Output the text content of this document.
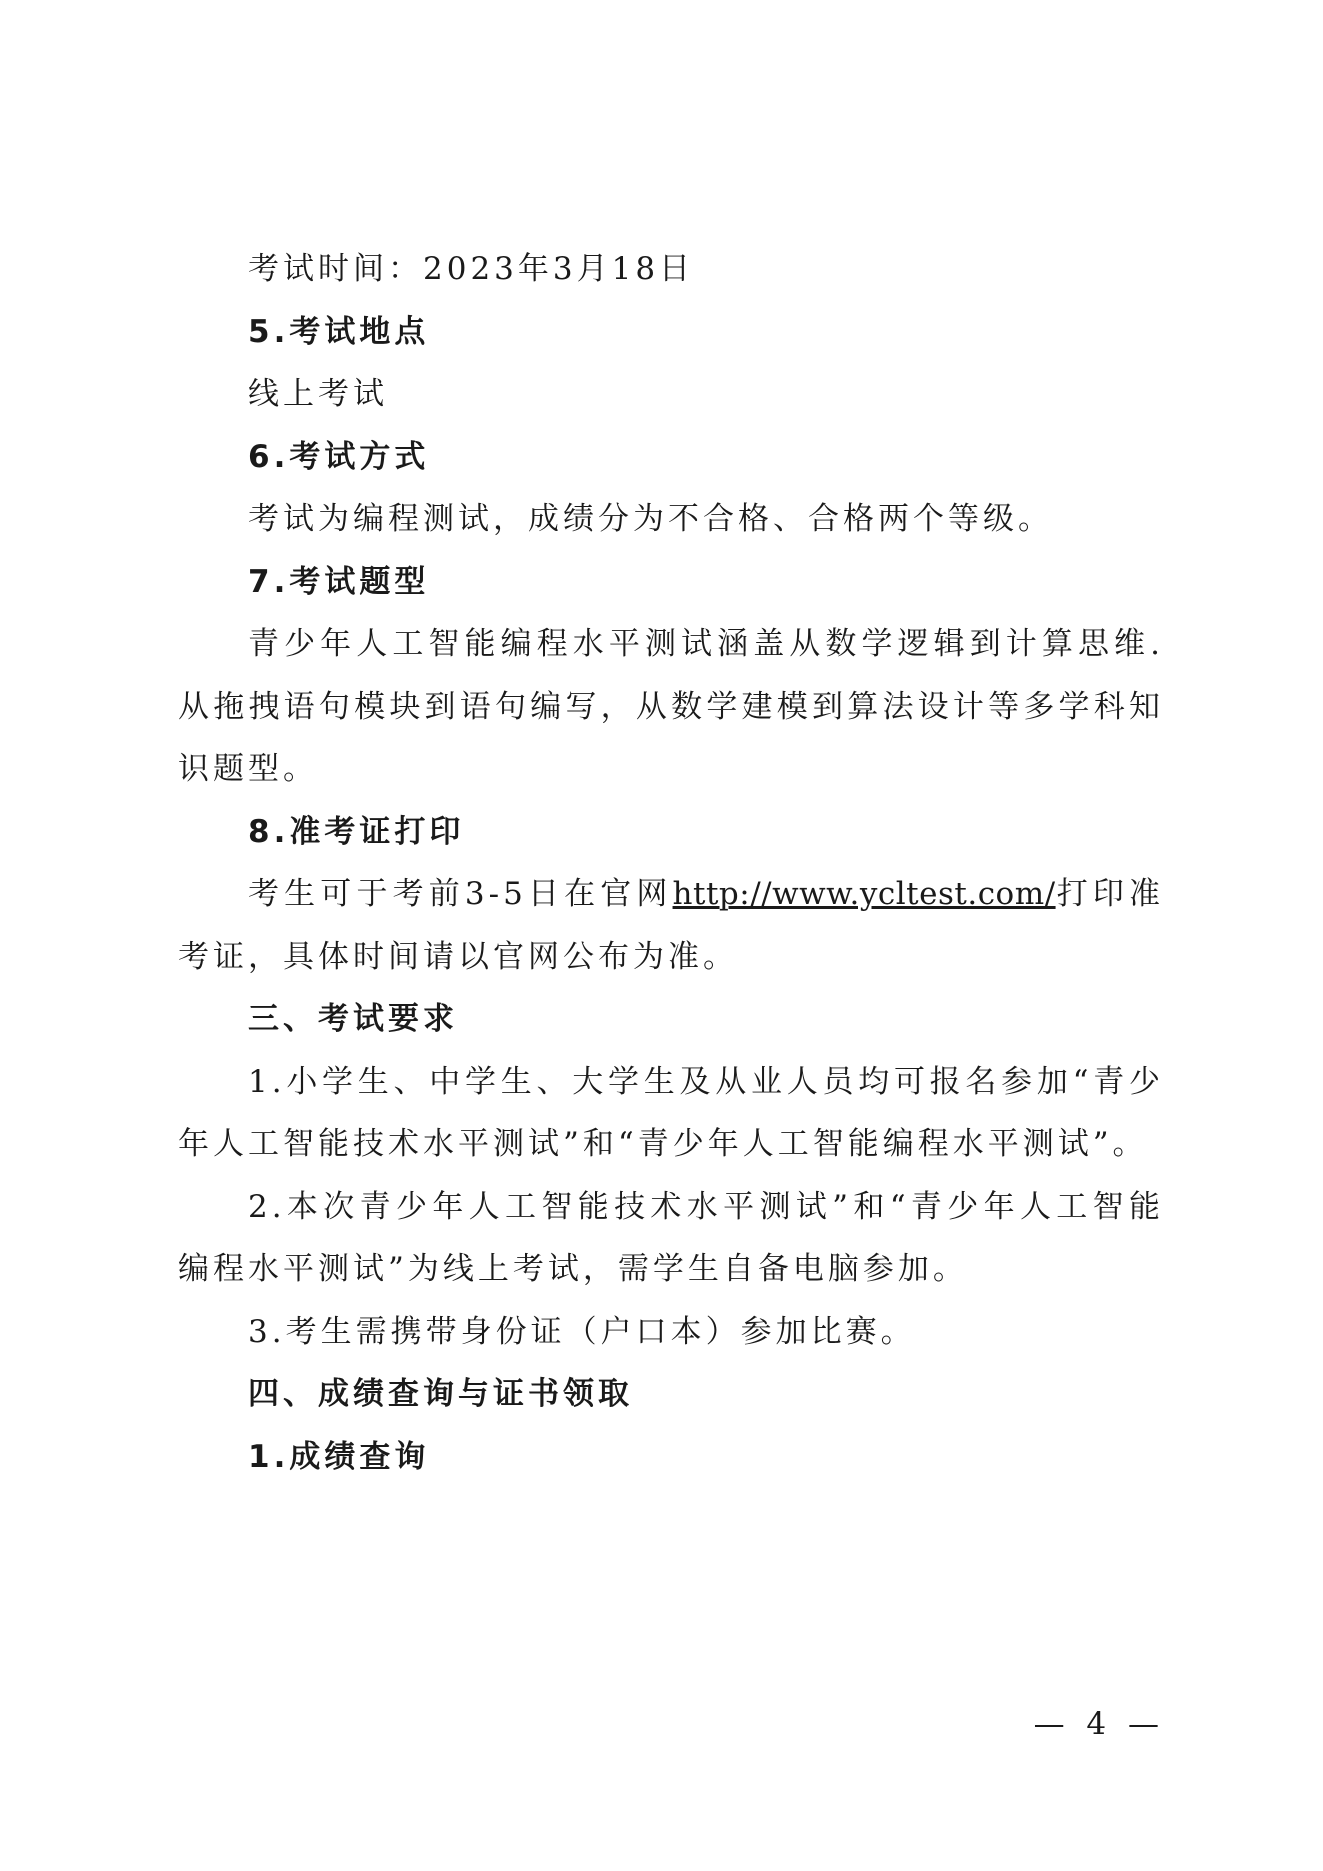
考试时间：2023年3月18日

5.考试地点

线上考试

6.考试方式

考试为编程测试，成绩分为不合格、合格两个等级。

7.考试题型

青少年人工智能编程水平测试涵盖从数学逻辑到计算思维.从拖拽语句模块到语句编写，从数学建模到算法设计等多学科知识题型。

8.准考证打印

考生可于考前3-5日在官网http://www.ycltest.com/打印准考证，具体时间请以官网公布为准。

三、考试要求

1.小学生、中学生、大学生及从业人员均可报名参加“青少年人工智能技术水平测试”和“青少年人工智能编程水平测试”。

2.本次青少年人工智能技术水平测试”和“青少年人工智能编程水平测试”为线上考试，需学生自备电脑参加。

3.考生需携带身份证（户口本）参加比赛。

四、成绩查询与证书领取

1.成绩查询

— 4 —
